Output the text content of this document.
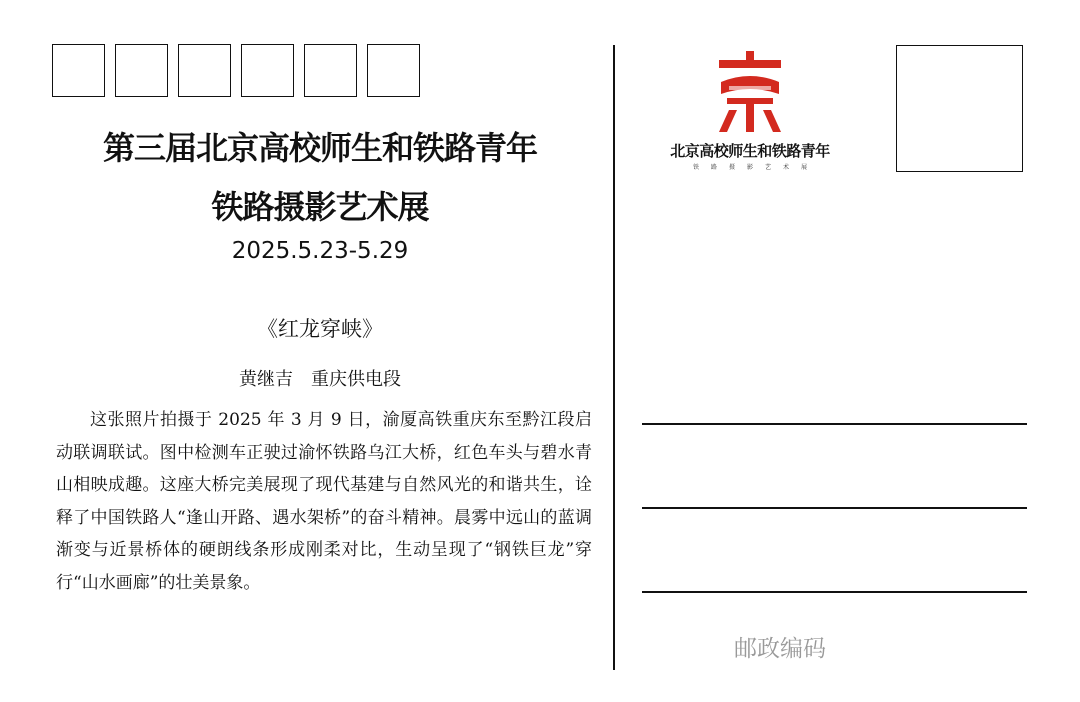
第三届北京高校师生和铁路青年
铁路摄影艺术展
2025.5.23-5.29
《红龙穿峡》
黄继吉　重庆供电段

这张照片拍摄于 2025 年 3 月 9 日，渝厦高铁重庆东至黔江段启动联调联试。图中检测车正驶过渝怀铁路乌江大桥，红色车头与碧水青山相映成趣。这座大桥完美展现了现代基建与自然风光的和谐共生，诠释了中国铁路人“逢山开路、遇水架桥”的奋斗精神。晨雾中远山的蓝调渐变与近景桥体的硬朗线条形成刚柔对比，生动呈现了“钢铁巨龙”穿行“山水画廊”的壮美景象。

北京高校师生和铁路青年
铁路摄影艺术展
邮政编码
